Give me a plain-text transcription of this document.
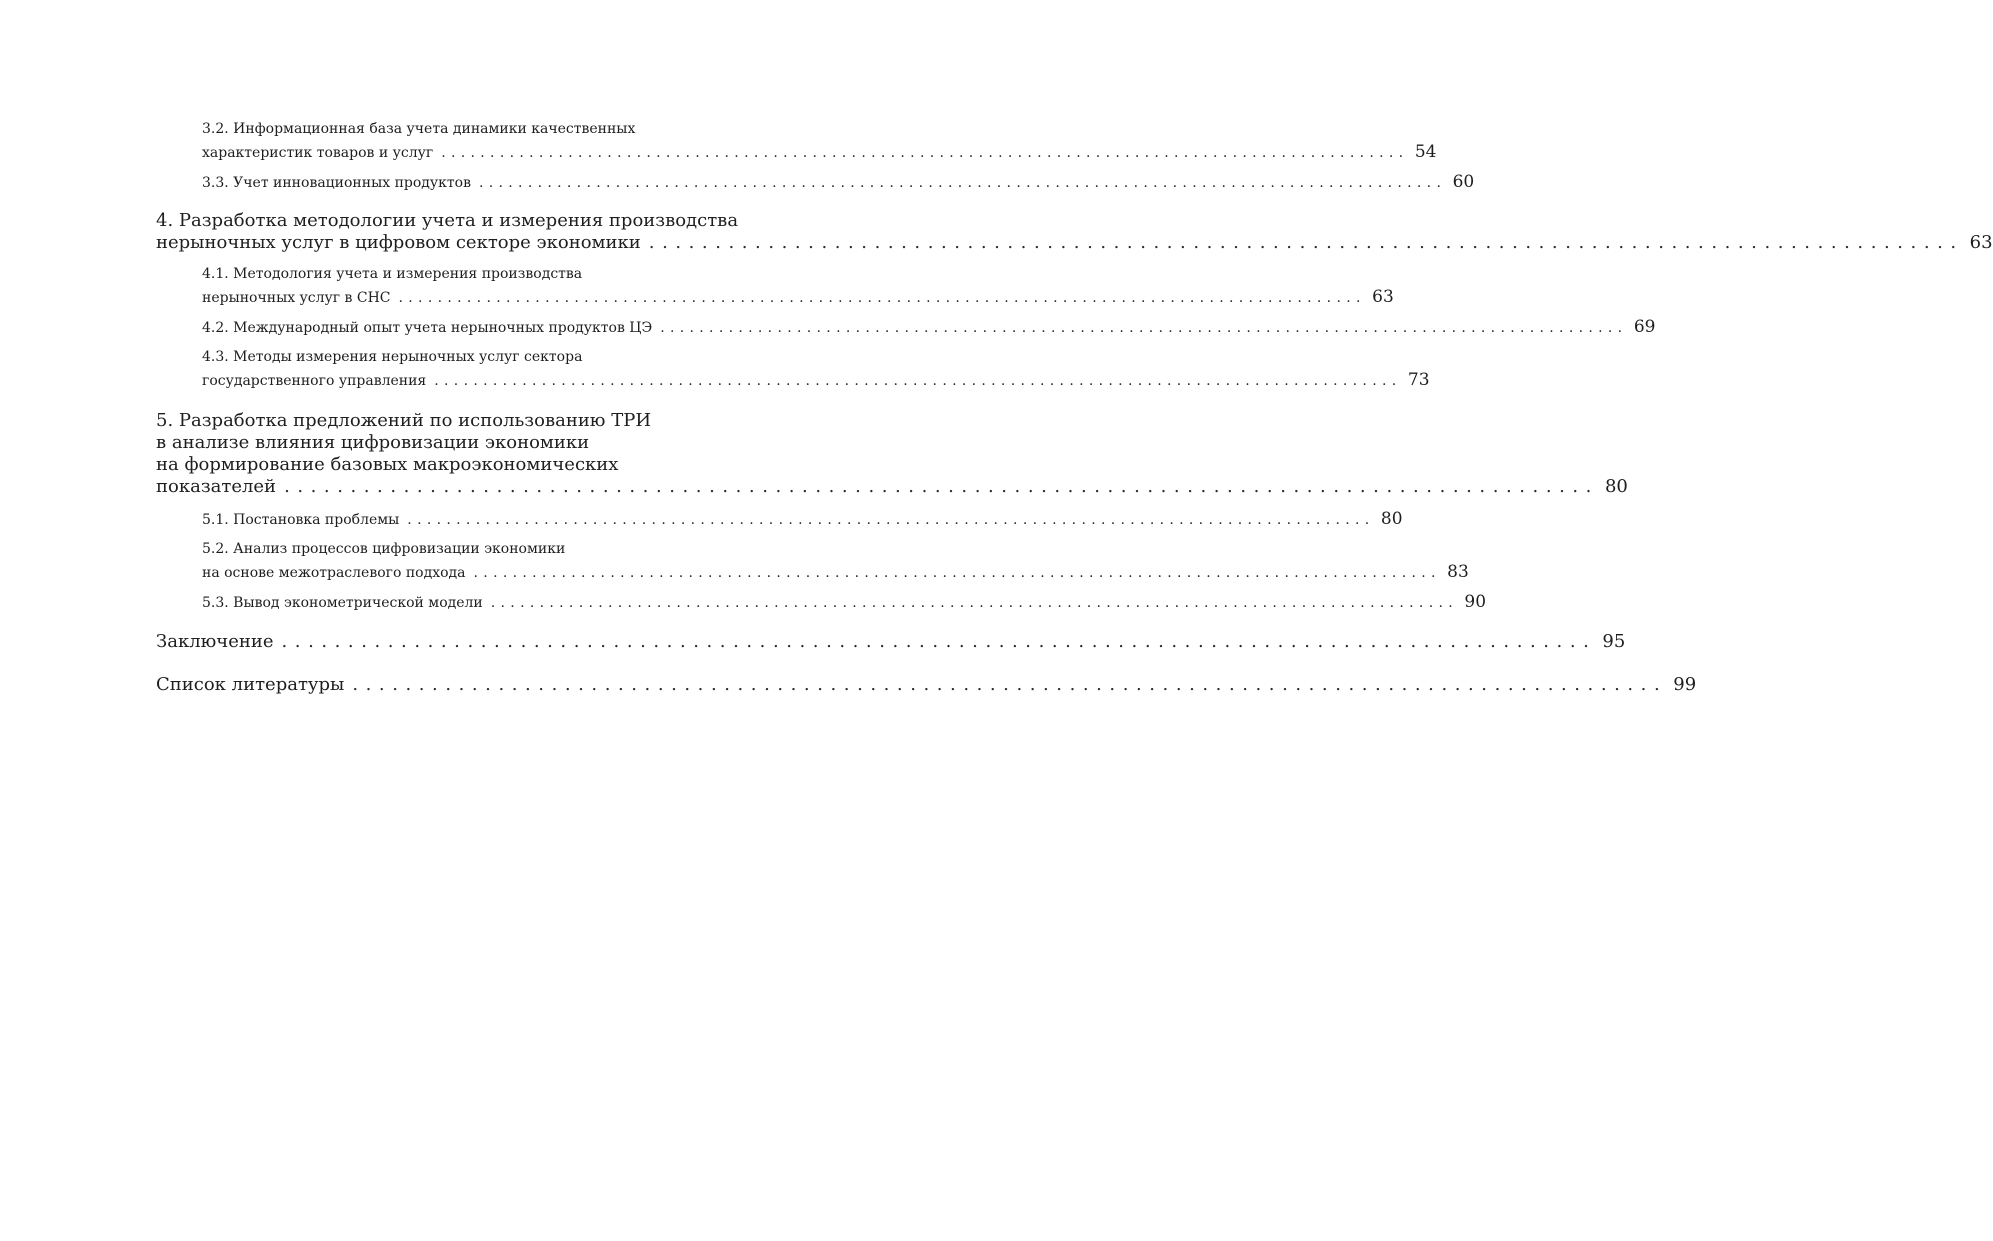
3.2. Информационная база учета динамики качественных
характеристик товаров и услуг ................................................................................................... 54
3.3. Учет инновационных продуктов ................................................................................................... 60
4. Разработка методологии учета и измерения производства
нерыночных услуг в цифровом секторе экономики ................................................................................................... 63
4.1. Методология учета и измерения производства
нерыночных услуг в СНС ................................................................................................... 63
4.2. Международный опыт учета нерыночных продуктов ЦЭ ................................................................................................... 69
4.3. Методы измерения нерыночных услуг сектора
государственного управления ................................................................................................... 73
5. Разработка предложений по использованию ТРИ
в анализе влияния цифровизации экономики
на формирование базовых макроэкономических
показателей ................................................................................................... 80
5.1. Постановка проблемы ................................................................................................... 80
5.2. Анализ процессов цифровизации экономики
на основе межотраслевого подхода ................................................................................................... 83
5.3. Вывод эконометрической модели ................................................................................................... 90
Заключение ................................................................................................... 95
Список литературы ................................................................................................... 99
